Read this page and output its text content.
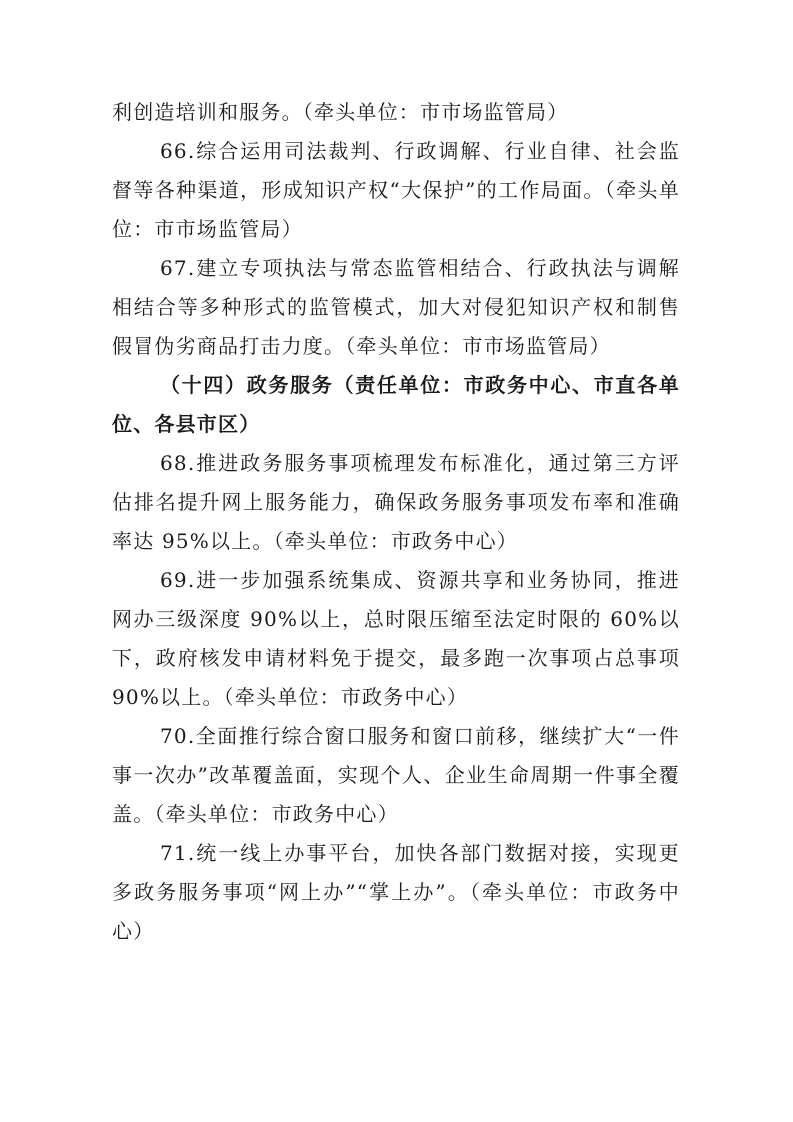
利创造培训和服务。（牵头单位：市市场监管局）

66.综合运用司法裁判、行政调解、行业自律、社会监督等各种渠道，形成知识产权“大保护”的工作局面。（牵头单位：市市场监管局）

67.建立专项执法与常态监管相结合、行政执法与调解相结合等多种形式的监管模式，加大对侵犯知识产权和制售假冒伪劣商品打击力度。（牵头单位：市市场监管局）

（十四）政务服务（责任单位：市政务中心、市直各单位、各县市区）

68.推进政务服务事项梳理发布标准化，通过第三方评估排名提升网上服务能力，确保政务服务事项发布率和准确率达 95%以上。（牵头单位：市政务中心）

69.进一步加强系统集成、资源共享和业务协同，推进网办三级深度 90%以上，总时限压缩至法定时限的 60%以下，政府核发申请材料免于提交，最多跑一次事项占总事项 90%以上。（牵头单位：市政务中心）

70.全面推行综合窗口服务和窗口前移，继续扩大“一件事一次办”改革覆盖面，实现个人、企业生命周期一件事全覆盖。（牵头单位：市政务中心）

71.统一线上办事平台，加快各部门数据对接，实现更多政务服务事项“网上办”“掌上办”。（牵头单位：市政务中心）
